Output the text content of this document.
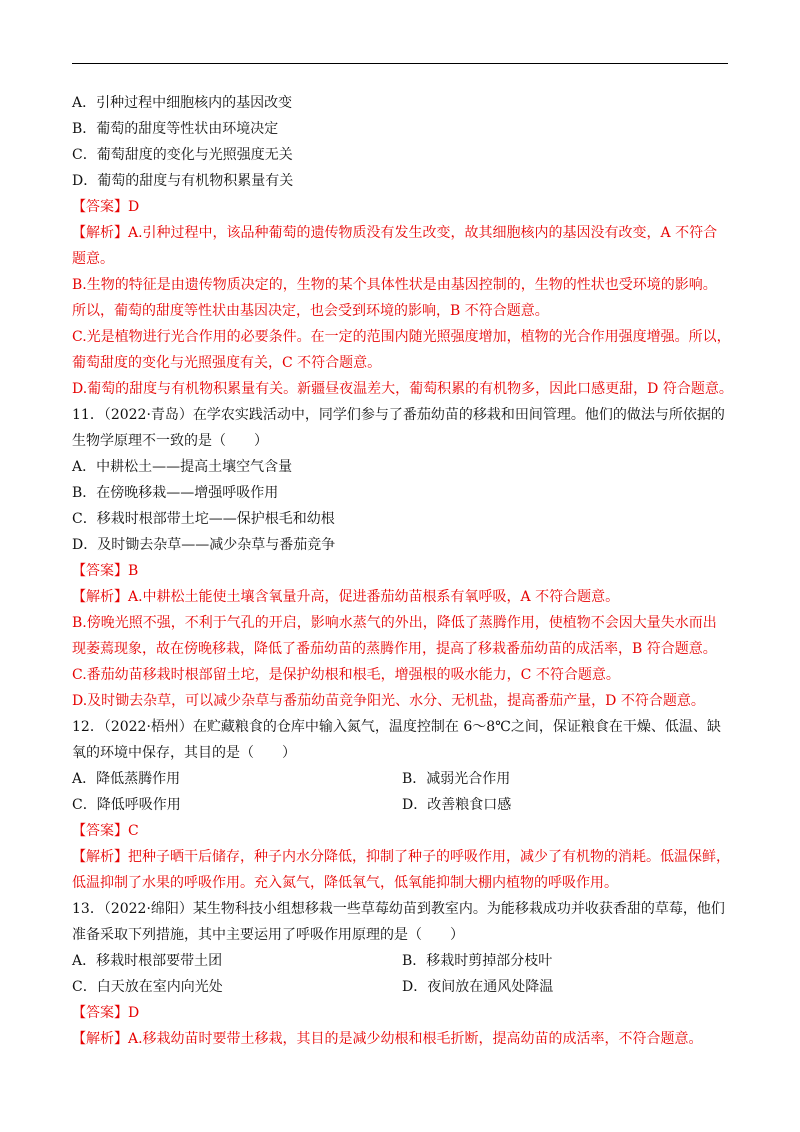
A．引种过程中细胞核内的基因改变
B．葡萄的甜度等性状由环境决定
C．葡萄甜度的变化与光照强度无关
D．葡萄的甜度与有机物积累量有关
【答案】D
【解析】A.引种过程中，该品种葡萄的遗传物质没有发生改变，故其细胞核内的基因没有改变，A 不符合
题意。
B.生物的特征是由遗传物质决定的，生物的某个具体性状是由基因控制的，生物的性状也受环境的影响。
所以，葡萄的甜度等性状由基因决定，也会受到环境的影响，B 不符合题意。
C.光是植物进行光合作用的必要条件。在一定的范围内随光照强度增加，植物的光合作用强度增强。所以，
葡萄甜度的变化与光照强度有关，C 不符合题意。
D.葡萄的甜度与有机物积累量有关。新疆昼夜温差大，葡萄积累的有机物多，因此口感更甜，D 符合题意。
11．（2022·青岛）在学农实践活动中，同学们参与了番茄幼苗的移栽和田间管理。他们的做法与所依据的
生物学原理不一致的是（　　）
A．中耕松土——提高土壤空气含量
B．在傍晚移栽——增强呼吸作用
C．移栽时根部带土坨——保护根毛和幼根
D．及时锄去杂草——减少杂草与番茄竞争
【答案】B
【解析】A.中耕松土能使土壤含氧量升高，促进番茄幼苗根系有氧呼吸，A 不符合题意。
B.傍晚光照不强，不利于气孔的开启，影响水蒸气的外出，降低了蒸腾作用，使植物不会因大量失水而出
现萎蔫现象，故在傍晚移栽，降低了番茄幼苗的蒸腾作用，提高了移栽番茄幼苗的成活率，B 符合题意。
C.番茄幼苗移栽时根部留土坨，是保护幼根和根毛，增强根的吸水能力，C 不符合题意。
D.及时锄去杂草，可以减少杂草与番茄幼苗竞争阳光、水分、无机盐，提高番茄产量，D 不符合题意。
12．（2022·梧州）在贮藏粮食的仓库中输入氮气，温度控制在 6～8℃之间，保证粮食在干燥、低温、缺
氧的环境中保存，其目的是（　　）
A．降低蒸腾作用	B．减弱光合作用
C．降低呼吸作用	D．改善粮食口感
【答案】C
【解析】把种子晒干后储存，种子内水分降低，抑制了种子的呼吸作用，减少了有机物的消耗。低温保鲜，
低温抑制了水果的呼吸作用。充入氮气，降低氧气，低氧能抑制大棚内植物的呼吸作用。
13．（2022·绵阳）某生物科技小组想移栽一些草莓幼苗到教室内。为能移栽成功并收获香甜的草莓，他们
准备采取下列措施，其中主要运用了呼吸作用原理的是（　　）
A．移栽时根部要带土团	B．移栽时剪掉部分枝叶
C．白天放在室内向光处	D．夜间放在通风处降温
【答案】D
【解析】A.移栽幼苗时要带土移栽，其目的是减少幼根和根毛折断，提高幼苗的成活率，不符合题意。
